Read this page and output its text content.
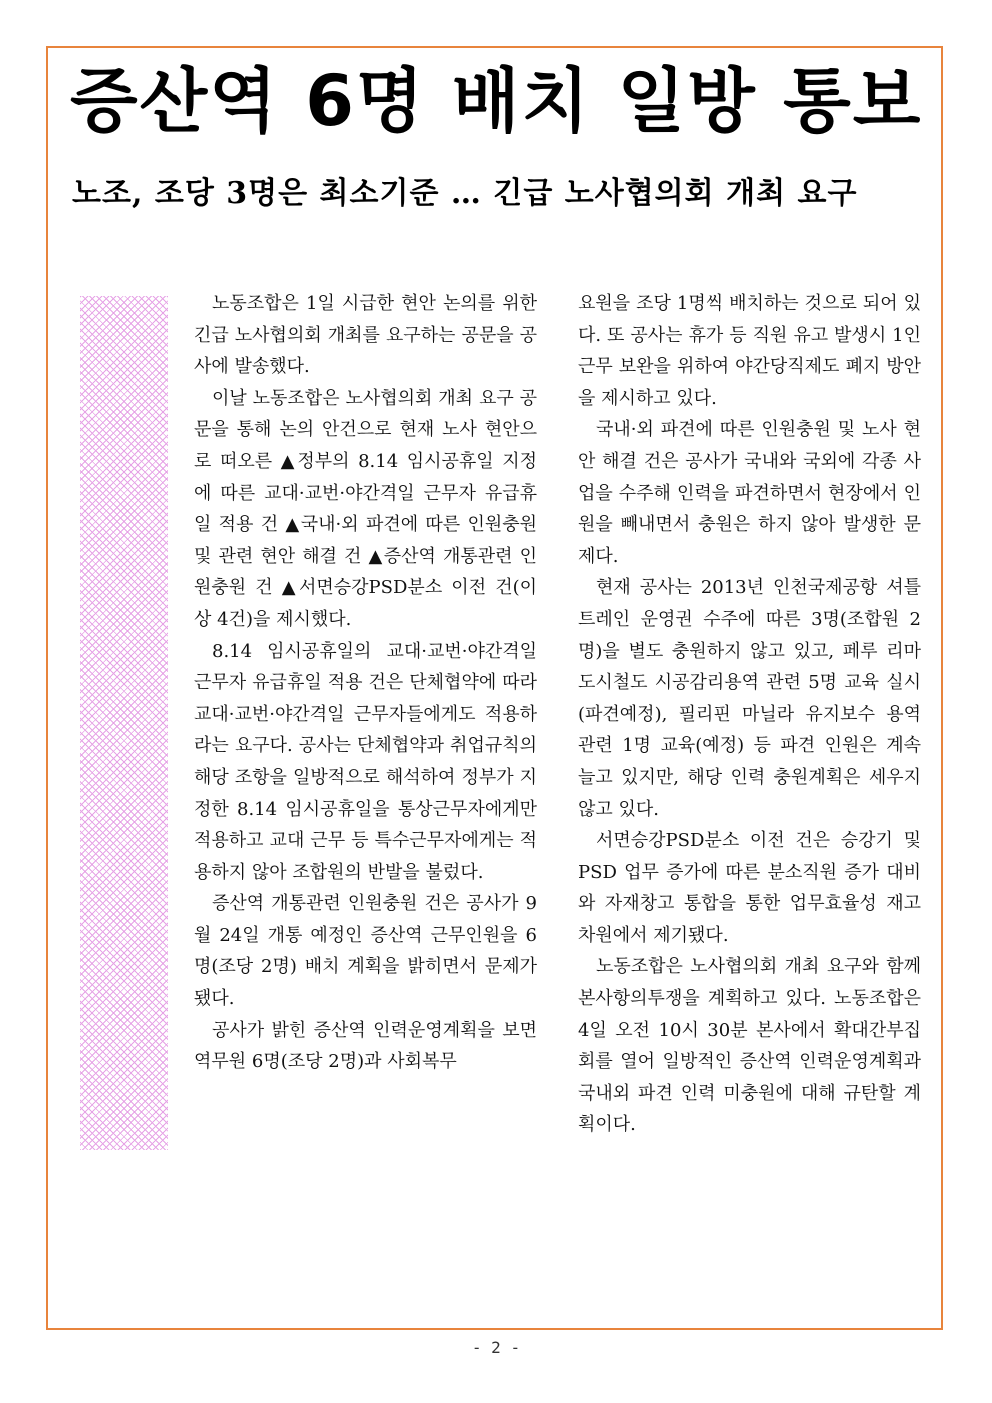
증산역 6명 배치 일방 통보
노조, 조당 3명은 최소기준 … 긴급 노사협의회 개최 요구

노동조합은 1일 시급한 현안 논의를 위한 긴급 노사협의회 개최를 요구하는 공문을 공사에 발송했다.

이날 노동조합은 노사협의회 개최 요구 공문을 통해 논의 안건으로 현재 노사 현안으로 떠오른 ▲정부의 8.14 임시공휴일 지정에 따른 교대·교번·야간격일 근무자 유급휴일 적용 건 ▲국내·외 파견에 따른 인원충원 및 관련 현안 해결 건 ▲증산역 개통관련 인원충원 건 ▲서면승강PSD분소 이전 건(이상 4건)을 제시했다.

8.14 임시공휴일의 교대·교번·야간격일 근무자 유급휴일 적용 건은 단체협약에 따라 교대·교번·야간격일 근무자들에게도 적용하라는 요구다. 공사는 단체협약과 취업규칙의 해당 조항을 일방적으로 해석하여 정부가 지정한 8.14 임시공휴일을 통상근무자에게만 적용하고 교대 근무 등 특수근무자에게는 적용하지 않아 조합원의 반발을 불렀다.

증산역 개통관련 인원충원 건은 공사가 9월 24일 개통 예정인 증산역 근무인원을 6명(조당 2명) 배치 계획을 밝히면서 문제가 됐다.

공사가 밝힌 증산역 인력운영계획을 보면 역무원 6명(조당 2명)과 사회복무

요원을 조당 1명씩 배치하는 것으로 되어 있다. 또 공사는 휴가 등 직원 유고 발생시 1인 근무 보완을 위하여 야간당직제도 폐지 방안을 제시하고 있다.

국내·외 파견에 따른 인원충원 및 노사 현안 해결 건은 공사가 국내와 국외에 각종 사업을 수주해 인력을 파견하면서 현장에서 인원을 빼내면서 충원은 하지 않아 발생한 문제다.

현재 공사는 2013년 인천국제공항 셔틀트레인 운영권 수주에 따른 3명(조합원 2명)을 별도 충원하지 않고 있고, 페루 리마 도시철도 시공감리용역 관련 5명 교육 실시(파견예정), 필리핀 마닐라 유지보수 용역 관련 1명 교육(예정) 등 파견 인원은 계속 늘고 있지만, 해당 인력 충원계획은 세우지 않고 있다.

서면승강PSD분소 이전 건은 승강기 및 PSD 업무 증가에 따른 분소직원 증가 대비와 자재창고 통합을 통한 업무효율성 재고 차원에서 제기됐다.

노동조합은 노사협의회 개최 요구와 함께 본사항의투쟁을 계획하고 있다. 노동조합은 4일 오전 10시 30분 본사에서 확대간부집회를 열어 일방적인 증산역 인력운영계획과 국내외 파견 인력 미충원에 대해 규탄할 계획이다.

- 2 -
